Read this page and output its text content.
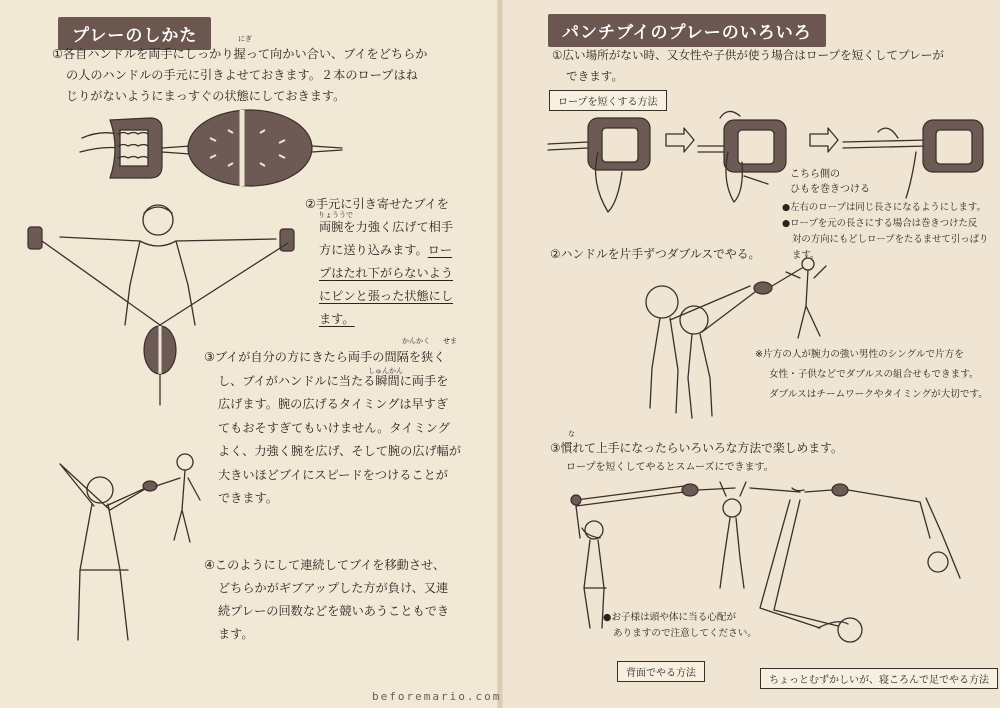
プレーのしかた	にぎ
①各自ハンドルを両手にしっかり握って向かい合い、ブイをどちらか
の人のハンドルの手元に引きよせておきます。２本のロープはね
じりがないようにまっすぐの状態にしておきます。
りょううで
②手元に引き寄せたブイを
両腕を力強く広げて相手
方に送り込みます。ロー
プはたれ下がらないよう
にピンと張った状態にし
ます。
かんかく せま
しゅんかん
③ブイが自分の方にきたら両手の間隔を狭く
し、ブイがハンドルに当たる瞬間に両手を
広げます。腕の広げるタイミングは早すぎ
てもおそすぎてもいけません。タイミング
よく、力強く腕を広げ、そして腕の広げ幅が
大きいほどブイにスピードをつけることが
できます。
④このようにして連続してブイを移動させ、
どちらかがギブアップした方が負け、又連
続プレーの回数などを競いあうこともでき
ます。
パンチブイのプレーのいろいろ
①広い場所がない時、又女性や子供が使う場合はロープを短くしてプレーが
できます。
ロープを短くする方法
こちら側の
ひもを巻きつける
●左右のロープは同じ長さになるようにします。
●ロープを元の長さにする場合は巻きつけた反
対の方向にもどしロープをたるませて引っぱり
ます。
②ハンドルを片手ずつダブルスでやる。
※片方の人が腕力の強い男性のシングルで片方を
女性・子供などでダブルスの組合せもできます。
ダブルスはチームワークやタイミングが大切です。
な
③慣れて上手になったらいろいろな方法で楽しめます。
ロープを短くしてやるとスムーズにできます。
●お子様は頭や体に当る心配が
ありますので注意してください。
背面でやる方法
ちょっとむずかしいが、寝ころんで足でやる方法
beforemario.com
